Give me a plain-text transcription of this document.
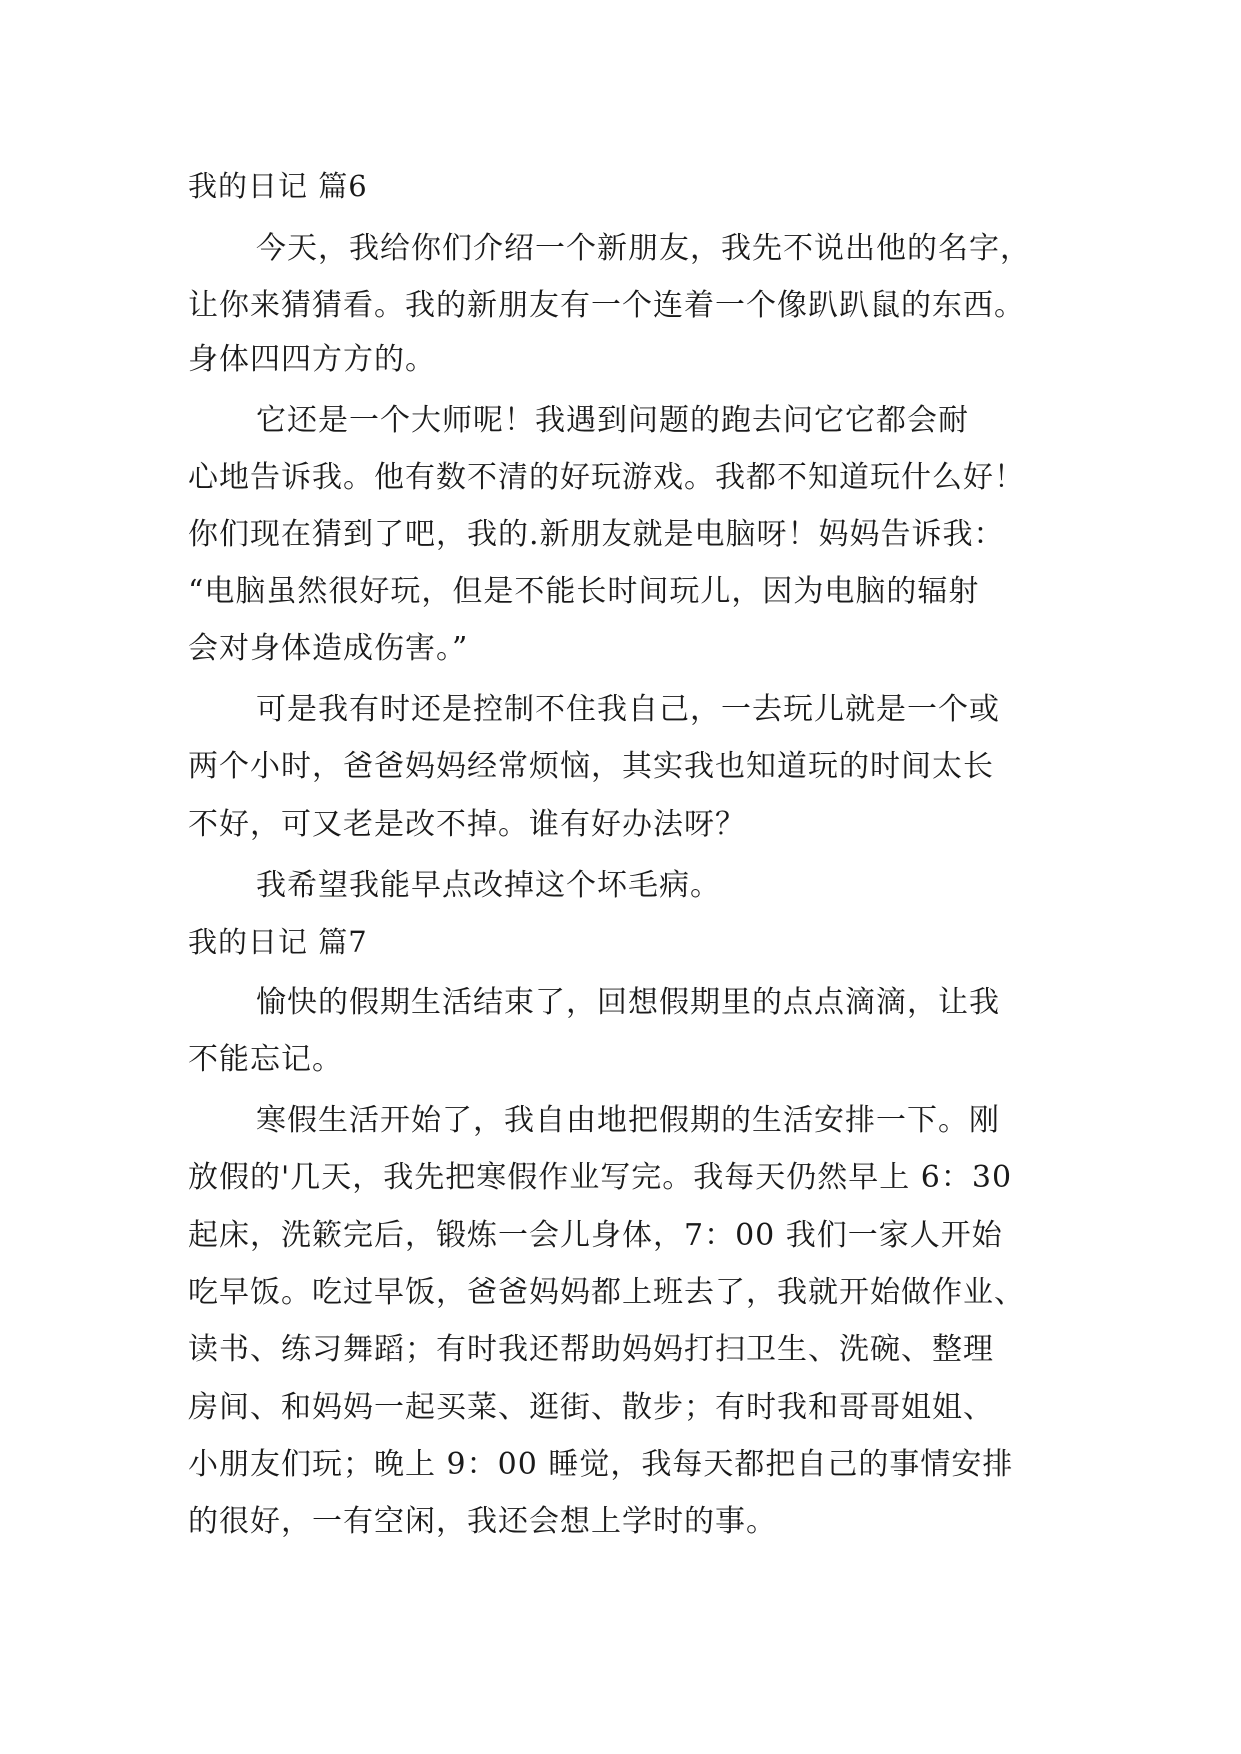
我的日记 篇6
今天，我给你们介绍一个新朋友，我先不说出他的名字，
让你来猜猜看。我的新朋友有一个连着一个像趴趴鼠的东西。
身体四四方方的。
它还是一个大师呢！我遇到问题的跑去问它它都会耐
心地告诉我。他有数不清的好玩游戏。我都不知道玩什么好！
你们现在猜到了吧，我的.新朋友就是电脑呀！妈妈告诉我：
“电脑虽然很好玩，但是不能长时间玩儿，因为电脑的辐射
会对身体造成伤害。”
可是我有时还是控制不住我自己，一去玩儿就是一个或
两个小时，爸爸妈妈经常烦恼，其实我也知道玩的时间太长
不好，可又老是改不掉。谁有好办法呀？
我希望我能早点改掉这个坏毛病。
我的日记 篇7
愉快的假期生活结束了，回想假期里的点点滴滴，让我
不能忘记。
寒假生活开始了，我自由地把假期的生活安排一下。刚
放假的'几天，我先把寒假作业写完。我每天仍然早上 6：30
起床，洗簌完后，锻炼一会儿身体，7：00 我们一家人开始
吃早饭。吃过早饭，爸爸妈妈都上班去了，我就开始做作业、
读书、练习舞蹈；有时我还帮助妈妈打扫卫生、洗碗、整理
房间、和妈妈一起买菜、逛街、散步；有时我和哥哥姐姐、
小朋友们玩；晚上 9：00 睡觉，我每天都把自己的事情安排
的很好，一有空闲，我还会想上学时的事。
